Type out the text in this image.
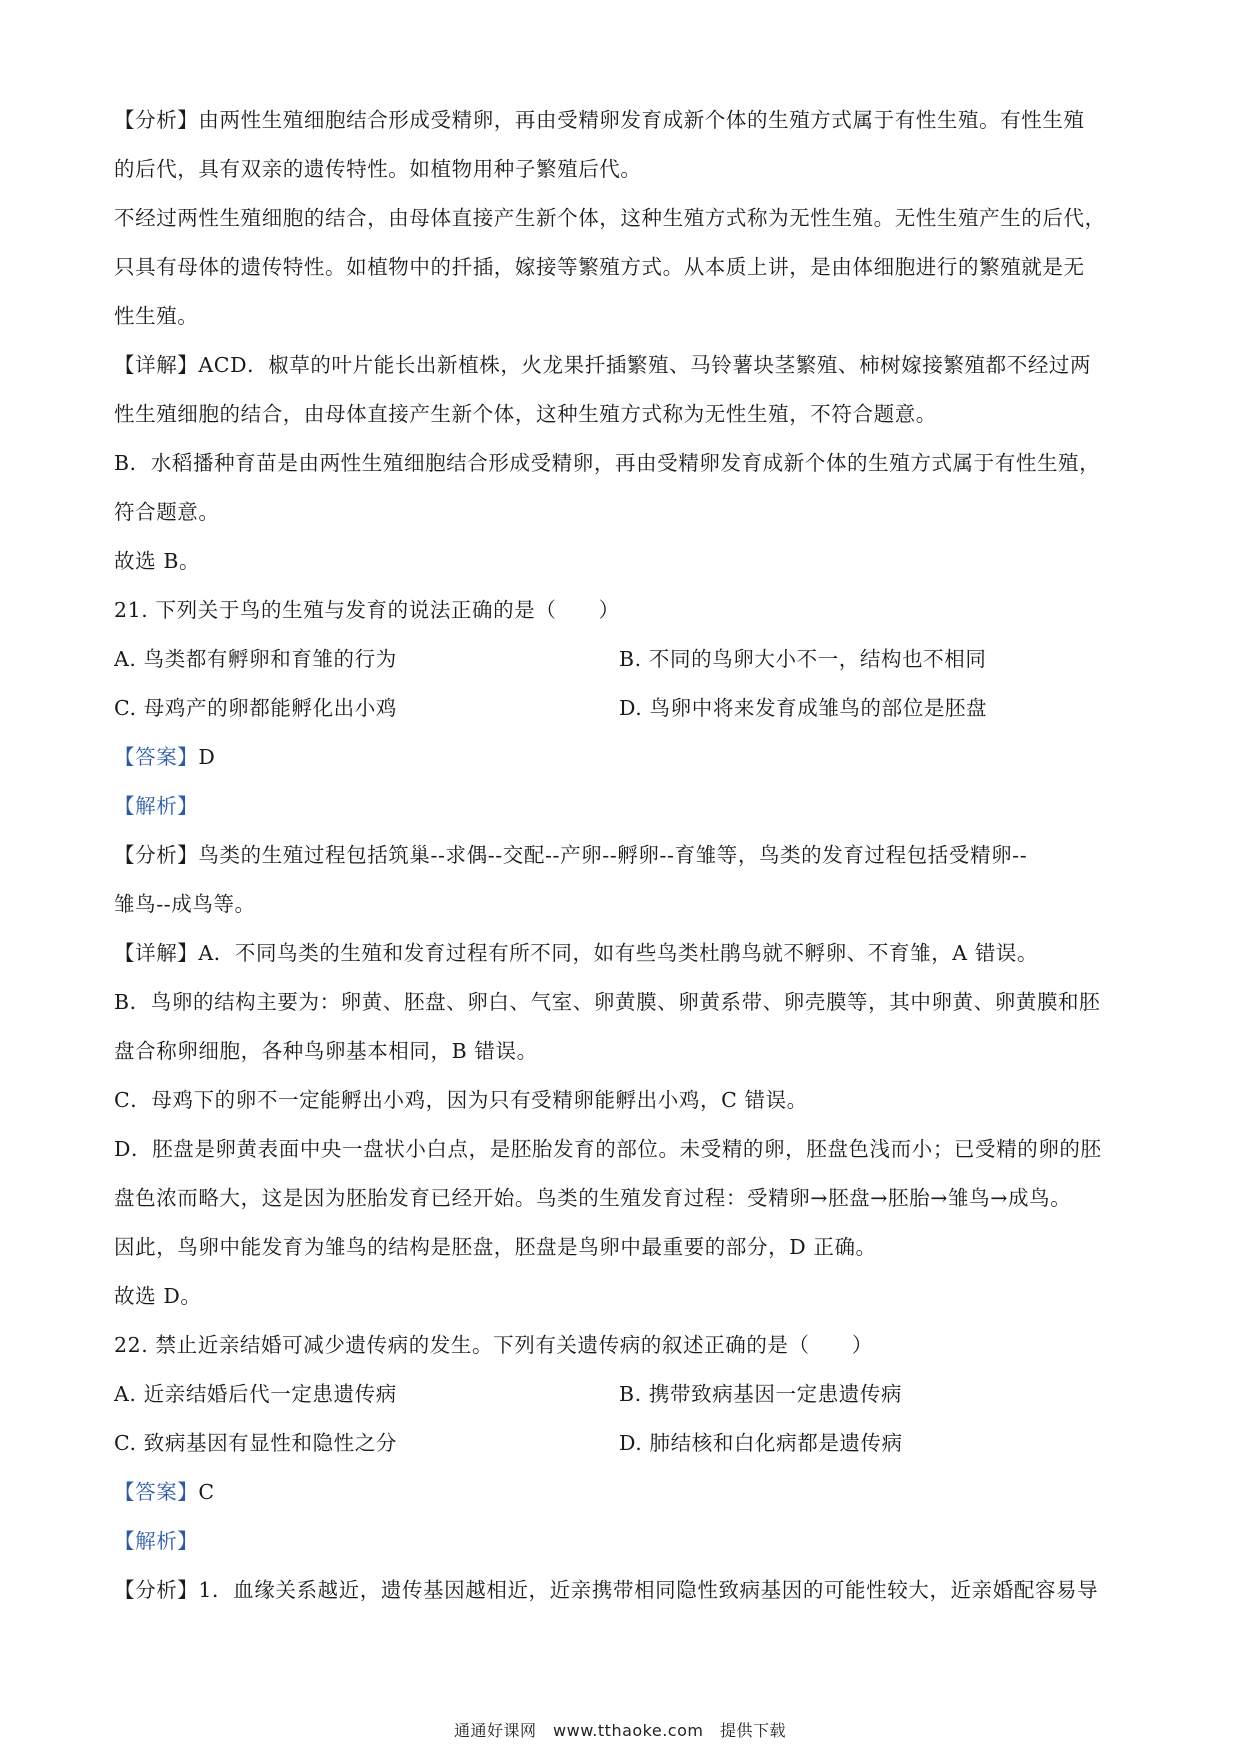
【分析】由两性生殖细胞结合形成受精卵，再由受精卵发育成新个体的生殖方式属于有性生殖。有性生殖
的后代，具有双亲的遗传特性。如植物用种子繁殖后代。
不经过两性生殖细胞的结合，由母体直接产生新个体，这种生殖方式称为无性生殖。无性生殖产生的后代，
只具有母体的遗传特性。如植物中的扦插，嫁接等繁殖方式。从本质上讲，是由体细胞进行的繁殖就是无
性生殖。
【详解】ACD．椒草的叶片能长出新植株，火龙果扦插繁殖、马铃薯块茎繁殖、柿树嫁接繁殖都不经过两
性生殖细胞的结合，由母体直接产生新个体，这种生殖方式称为无性生殖，不符合题意。
B．水稻播种育苗是由两性生殖细胞结合形成受精卵，再由受精卵发育成新个体的生殖方式属于有性生殖，
符合题意。
故选 B。
21. 下列关于鸟的生殖与发育的说法正确的是（　　）
A. 鸟类都有孵卵和育雏的行为	B. 不同的鸟卵大小不一，结构也不相同
C. 母鸡产的卵都能孵化出小鸡	D. 鸟卵中将来发育成雏鸟的部位是胚盘
【答案】D
【解析】
【分析】鸟类的生殖过程包括筑巢--求偶--交配--产卵--孵卵--育雏等，鸟类的发育过程包括受精卵--
雏鸟--成鸟等。
【详解】A．不同鸟类的生殖和发育过程有所不同，如有些鸟类杜鹃鸟就不孵卵、不育雏，A 错误。
B．鸟卵的结构主要为：卵黄、胚盘、卵白、气室、卵黄膜、卵黄系带、卵壳膜等，其中卵黄、卵黄膜和胚
盘合称卵细胞，各种鸟卵基本相同，B 错误。
C．母鸡下的卵不一定能孵出小鸡，因为只有受精卵能孵出小鸡，C 错误。
D．胚盘是卵黄表面中央一盘状小白点，是胚胎发育的部位。未受精的卵，胚盘色浅而小；已受精的卵的胚
盘色浓而略大，这是因为胚胎发育已经开始。鸟类的生殖发育过程：受精卵→胚盘→胚胎→雏鸟→成鸟。
因此，鸟卵中能发育为雏鸟的结构是胚盘，胚盘是鸟卵中最重要的部分，D 正确。
故选 D。
22. 禁止近亲结婚可减少遗传病的发生。下列有关遗传病的叙述正确的是（　　）
A. 近亲结婚后代一定患遗传病	B. 携带致病基因一定患遗传病
C. 致病基因有显性和隐性之分	D. 肺结核和白化病都是遗传病
【答案】C
【解析】
【分析】1．血缘关系越近，遗传基因越相近，近亲携带相同隐性致病基因的可能性较大，近亲婚配容易导
通通好课网　www.tthaoke.com　提供下载
